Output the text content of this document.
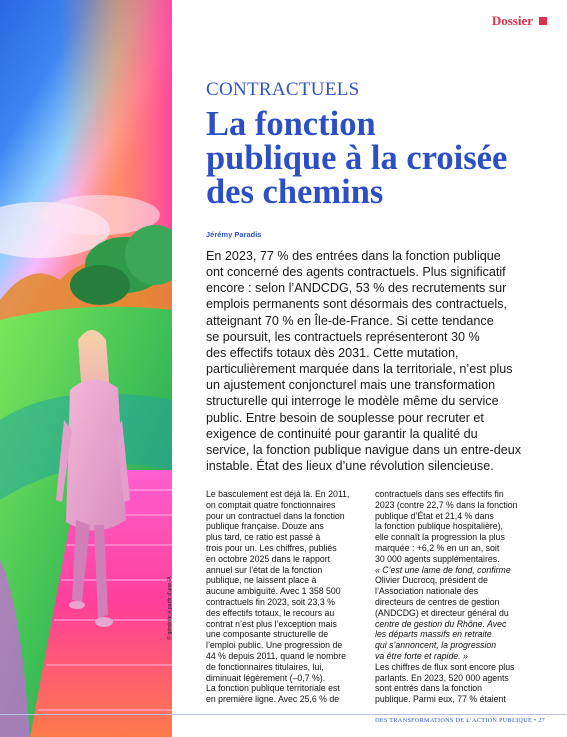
© générée à partir d’une IA
Dossier
CONTRACTUELS
La fonction
publique à la croisée
des chemins
Jérémy Paradis
En 2023, 77 % des entrées dans la fonction publique
ont concerné des agents contractuels. Plus significatif
encore : selon l’ANDCDG, 53 % des recrutements sur
emplois permanents sont désormais des contractuels,
atteignant 70 % en Île-de-France. Si cette tendance
se poursuit, les contractuels représenteront 30 %
des effectifs totaux dès 2031. Cette mutation,
particulièrement marquée dans la territoriale, n’est plus
un ajustement conjoncturel mais une transformation
structurelle qui interroge le modèle même du service
public. Entre besoin de souplesse pour recruter et
exigence de continuité pour garantir la qualité du
service, la fonction publique navigue dans un entre-deux
instable. État des lieux d’une révolution silencieuse.
Le basculement est déjà là. En 2011,
on comptait quatre fonctionnaires
pour un contractuel dans la fonction
publique française. Douze ans
plus tard, ce ratio est passé à
trois pour un. Les chiffres, publiés
en octobre 2025 dans le rapport
annuel sur l’état de la fonction
publique, ne laissent place à
aucune ambiguïté. Avec 1 358 500
contractuels fin 2023, soit 23,3 %
des effectifs totaux, le recours au
contrat n’est plus l’exception mais
une composante structurelle de
l’emploi public. Une progression de
44 % depuis 2011, quand le nombre
de fonctionnaires titulaires, lui,
diminuait légèrement (–0,7 %).
La fonction publique territoriale est
en première ligne. Avec 25,6 % de
contractuels dans ses effectifs fin
2023 (contre 22,7 % dans la fonction
publique d’État et 21,4 % dans
la fonction publique hospitalière),
elle connaît la progression la plus
marquée : +6,2 % en un an, soit
30 000 agents supplémentaires.
« C’est une lame de fond, confirme
Olivier Ducrocq, président de
l’Association nationale des
directeurs de centres de gestion
(ANDCDG) et directeur général du
centre de gestion du Rhône. Avec
les départs massifs en retraite
qui s’annoncent, la progression
va être forte et rapide. »
Les chiffres de flux sont encore plus
parlants. En 2023, 520 000 agents
sont entrés dans la fonction
publique. Parmi eux, 77 % étaient
DES TRANSFORMATIONS DE L’ACTION PUBLIQUE • 27
